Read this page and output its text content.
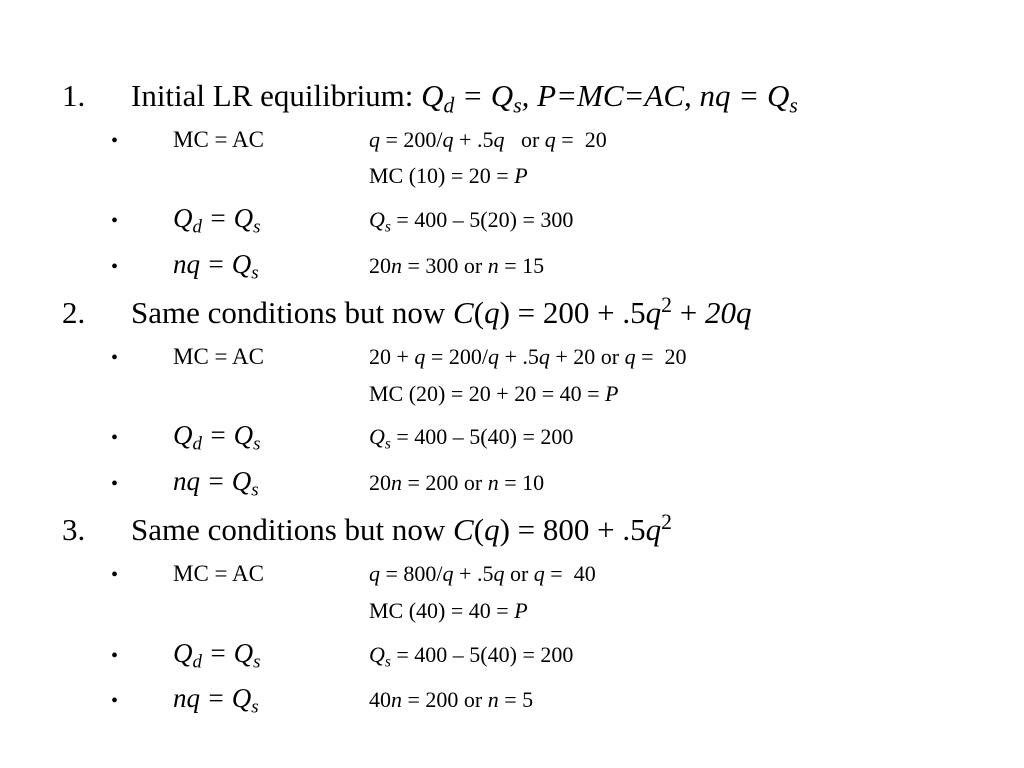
1. Initial LR equilibrium: $Q_d = Q_s$, P=MC=AC, nq = $Q_s$
• MC = AC	q = 200/q + .5q   or q =  20
MC (10) = 20 = P
• $Q_d = Q_s$	$Q_s = 400 - 5(20) = 300$
• nq = $Q_s$	20n = 300 or n = 15
2. Same conditions but now $C(q) = 200 + .5q^2 + 20q$
• MC = AC	20 + q = 200/q + .5q + 20 or q =  20
MC (20) = 20 + 20 = 40 = P
• $Q_d = Q_s$	$Q_s = 400 - 5(40) = 200$
• nq = $Q_s$	20n = 200 or n = 10
3. Same conditions but now $C(q) = 800 + .5q^2$
• MC = AC	q = 800/q + .5q or q =  40
MC (40) = 40 = P
• $Q_d = Q_s$	$Q_s = 400 - 5(40) = 200$
• nq = $Q_s$	40n = 200 or n = 5
